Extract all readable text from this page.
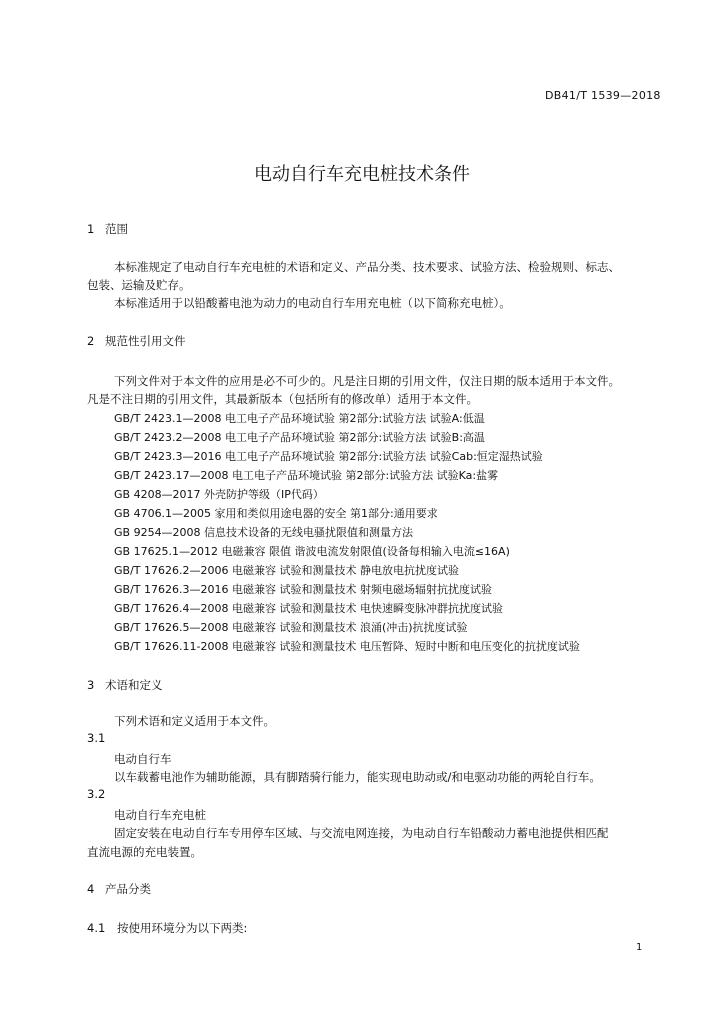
DB41/T 1539—2018
电动自行车充电桩技术条件
1 范围
本标准规定了电动自行车充电桩的术语和定义、产品分类、技术要求、试验方法、检验规则、标志、
包装、运输及贮存。
本标准适用于以铅酸蓄电池为动力的电动自行车用充电桩（以下简称充电桩）。
2 规范性引用文件
下列文件对于本文件的应用是必不可少的。凡是注日期的引用文件，仅注日期的版本适用于本文件。
凡是不注日期的引用文件，其最新版本（包括所有的修改单）适用于本文件。
GB/T 2423.1—2008 电工电子产品环境试验 第2部分:试验方法 试验A:低温
GB/T 2423.2—2008 电工电子产品环境试验 第2部分:试验方法 试验B:高温
GB/T 2423.3—2016 电工电子产品环境试验 第2部分:试验方法 试验Cab:恒定湿热试验
GB/T 2423.17—2008 电工电子产品环境试验 第2部分:试验方法 试验Ka:盐雾
GB 4208—2017 外壳防护等级（IP代码）
GB 4706.1—2005 家用和类似用途电器的安全 第1部分:通用要求
GB 9254—2008 信息技术设备的无线电骚扰限值和测量方法
GB 17625.1—2012 电磁兼容 限值 谐波电流发射限值(设备每相输入电流≤16A)
GB/T 17626.2—2006 电磁兼容 试验和测量技术 静电放电抗扰度试验
GB/T 17626.3—2016 电磁兼容 试验和测量技术 射频电磁场辐射抗扰度试验
GB/T 17626.4—2008 电磁兼容 试验和测量技术 电快速瞬变脉冲群抗扰度试验
GB/T 17626.5—2008 电磁兼容 试验和测量技术 浪涌(冲击)抗扰度试验
GB/T 17626.11-2008 电磁兼容 试验和测量技术 电压暂降、短时中断和电压变化的抗扰度试验
3 术语和定义
下列术语和定义适用于本文件。
3.1
电动自行车
以车载蓄电池作为辅助能源，具有脚踏骑行能力，能实现电助动或/和电驱动功能的两轮自行车。
3.2
电动自行车充电桩
固定安装在电动自行车专用停车区域、与交流电网连接，为电动自行车铅酸动力蓄电池提供相匹配
直流电源的充电装置。
4 产品分类
4.1 按使用环境分为以下两类:
1
